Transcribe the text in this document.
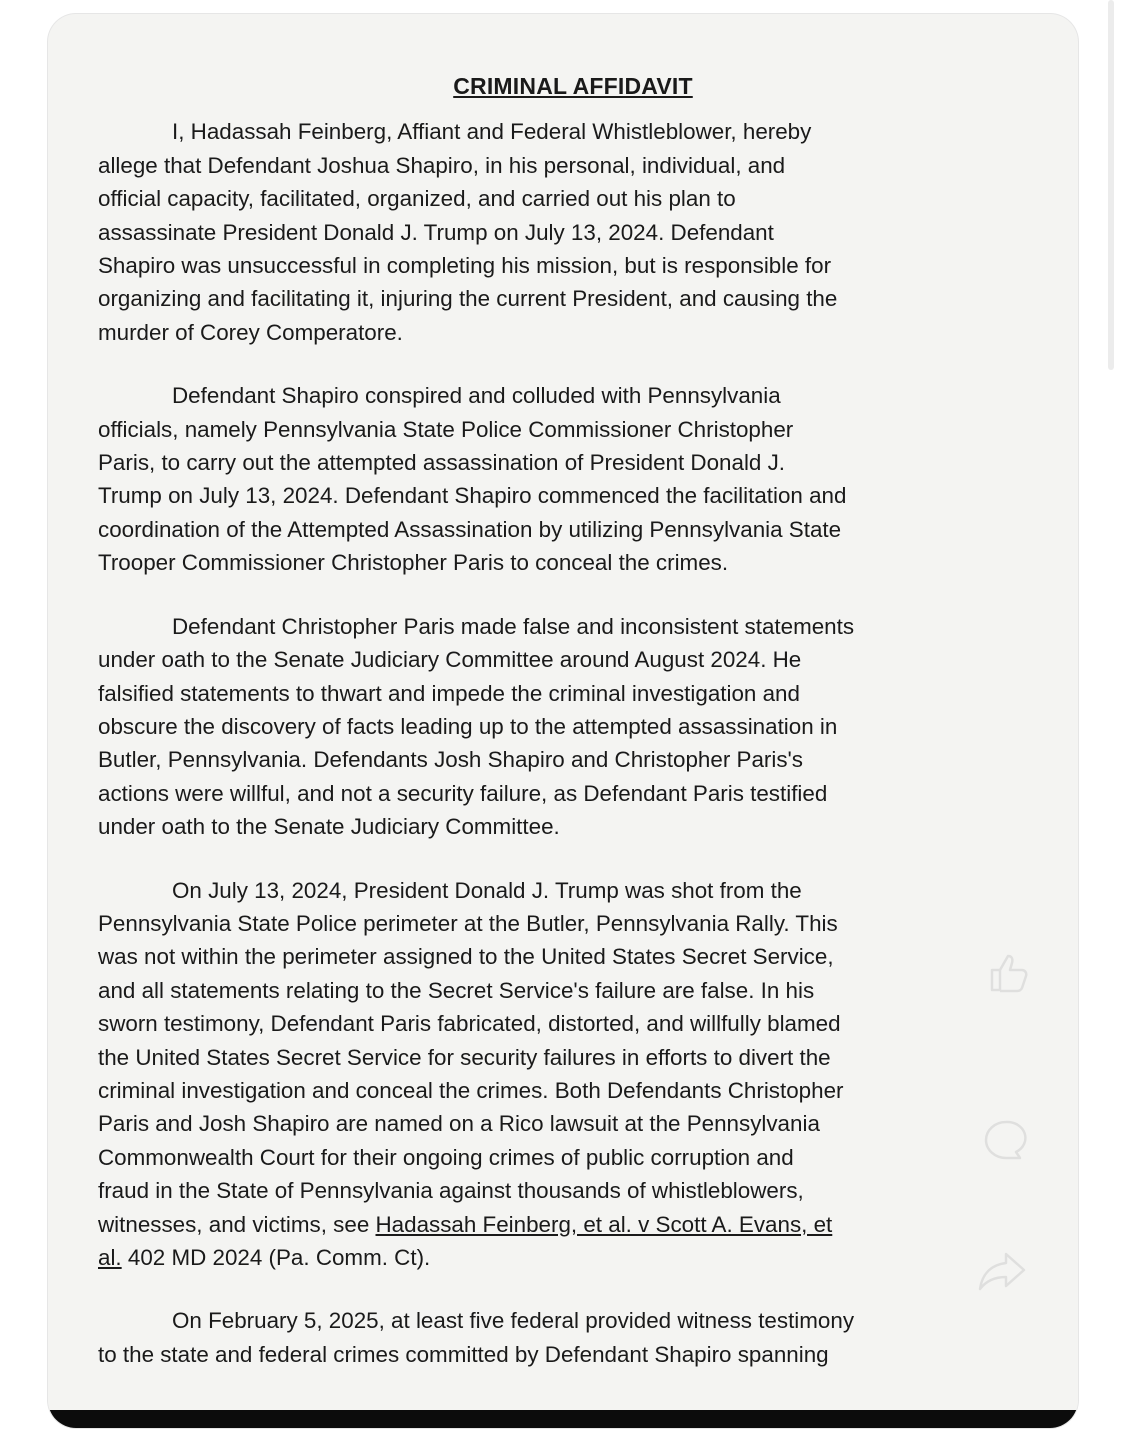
CRIMINAL AFFIDAVIT

I, Hadassah Feinberg, Affiant and Federal Whistleblower, hereby
allege that Defendant Joshua Shapiro, in his personal, individual, and
official capacity, facilitated, organized, and carried out his plan to
assassinate President Donald J. Trump on July 13, 2024. Defendant
Shapiro was unsuccessful in completing his mission, but is responsible for
organizing and facilitating it, injuring the current President, and causing the
murder of Corey Comperatore.

Defendant Shapiro conspired and colluded with Pennsylvania
officials, namely Pennsylvania State Police Commissioner Christopher
Paris, to carry out the attempted assassination of President Donald J.
Trump on July 13, 2024. Defendant Shapiro commenced the facilitation and
coordination of the Attempted Assassination by utilizing Pennsylvania State
Trooper Commissioner Christopher Paris to conceal the crimes.

Defendant Christopher Paris made false and inconsistent statements
under oath to the Senate Judiciary Committee around August 2024. He
falsified statements to thwart and impede the criminal investigation and
obscure the discovery of facts leading up to the attempted assassination in
Butler, Pennsylvania. Defendants Josh Shapiro and Christopher Paris's
actions were willful, and not a security failure, as Defendant Paris testified
under oath to the Senate Judiciary Committee.

On July 13, 2024, President Donald J. Trump was shot from the
Pennsylvania State Police perimeter at the Butler, Pennsylvania Rally. This
was not within the perimeter assigned to the United States Secret Service,
and all statements relating to the Secret Service's failure are false. In his
sworn testimony, Defendant Paris fabricated, distorted, and willfully blamed
the United States Secret Service for security failures in efforts to divert the
criminal investigation and conceal the crimes. Both Defendants Christopher
Paris and Josh Shapiro are named on a Rico lawsuit at the Pennsylvania
Commonwealth Court for their ongoing crimes of public corruption and
fraud in the State of Pennsylvania against thousands of whistleblowers,
witnesses, and victims, see Hadassah Feinberg, et al. v Scott A. Evans, et
al. 402 MD 2024 (Pa. Comm. Ct).

On February 5, 2025, at least five federal provided witness testimony
to the state and federal crimes committed by Defendant Shapiro spanning
